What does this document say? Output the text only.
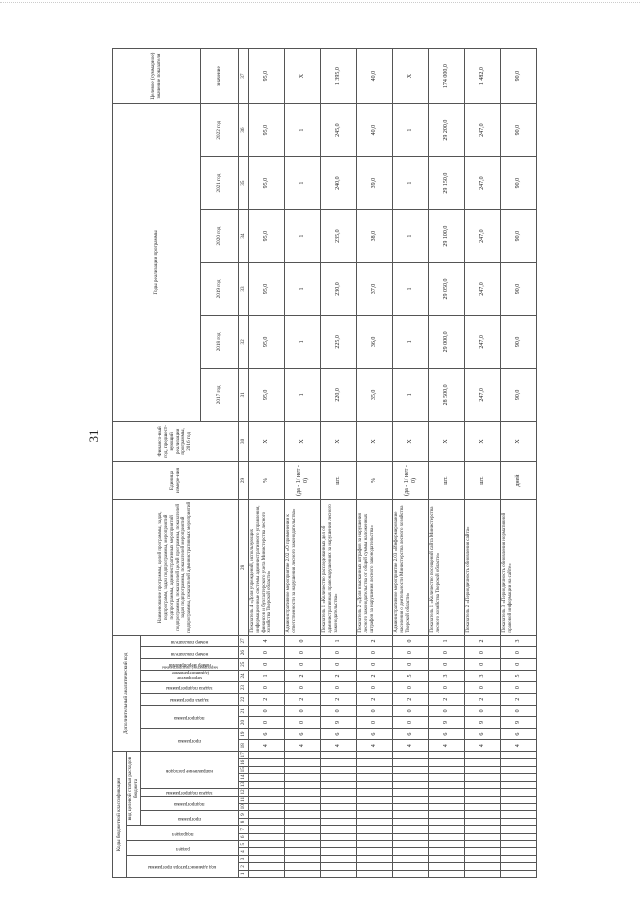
31
Коды бюджетной классификации																	Дополнительный аналитический код										Наименование программы, целей программы, задач, подпрограмм, задач подпрограммы, мероприятий подпрограммы, административных мероприятий подпрограммы, показателей целей программы, показателей задач подпрограммы, показателей мероприятий подпрограммы, показателей административных мероприятий	Единица измере-ния	Финансо-вый год, предшест-вующий реализации программы, 2016 год	Годы реализации программы						Целевое (суммарное) значение показателя

код администратора программы			раздел		подраздел		вид целевой статьи расходов бюджета																													

							программа		подпрограмма		задача подпрограммы	направление расходов					программа		подпрограмма		задача программы	задача подпрограммы	мероприятие (административное мероприятие) подпрограммы	номер мероприятия	номер показателя	номер показателя										

																														2017 год	2018 год	2019 год	2020 год	2021 год	2022 год	значение
1	2	3	4	5	6	7	8	9	10	11	12	13	14	15	16	17	18	19	20	21	22	23	24	25	26	27	28	29	30	31	32	33	34	35	36	37
																	4	6	0	0	2	0	1	0	0	4	Показатель 4 «Доля учреждений, использующих информационные системы административного управления, финансов и бухгалтерского учета Министерства лесного хозяйства Тверской области»	%	Х	95,0	95,0	95,0	95,0	95,0	95,0	95,0
																	4	6	0	0	2	0	2	0	0	0	Административное мероприятие 2.02 «О применении к ответственности за нарушения лесного законодательства»	(да - 1/ нет - 0)	Х	1	1	1	1	1	1	Х
																	4	6	9	0	2	0	2	0	0	1	Показатель 1 «Количество расследованных дел об административных правонарушениях за нарушения лесного законодательства»	шт.	Х	220,0	225,0	230,0	235,0	240,0	245,0	1 395,0
																	4	6	0	0	2	0	2	0	0	2	Показатель 2 «Доля взысканных штрафов за нарушения лесного законодательства от общей суммы наложенных штрафов за нарушения лесного законодательства»	%	Х	35,0	36,0	37,0	38,0	39,0	40,0	40,0
																	4	6	0	0	2	0	5	0	0	0	Административное мероприятие 2.03 «Информирование населения о деятельности Министерства лесного хозяйства Тверской области»	(да - 1/ нет - 0)	Х	1	1	1	1	1	1	Х
																	4	6	9	0	2	0	3	0	0	1	Показатель 1 «Количество посещений сайта Министерства лесного хозяйства Тверской области»	шт.	Х	28 500,0	29 000,0	29 050,0	29 100,0	29 150,0	29 200,0	174 000,0
																	4	6	9	0	2	0	3	0	0	2	Показатель 2 «Периодичность обновления сайта»	шт.	Х	247,0	247,0	247,0	247,0	247,0	247,0	1 482,0
																	4	6	9	0	2	0	5	0	0	3	Показатель 3 «Периодичность обновления нормативной правовой информации на сайте»	дней	Х	90,0	90,0	90,0	90,0	90,0	90,0	90,0
